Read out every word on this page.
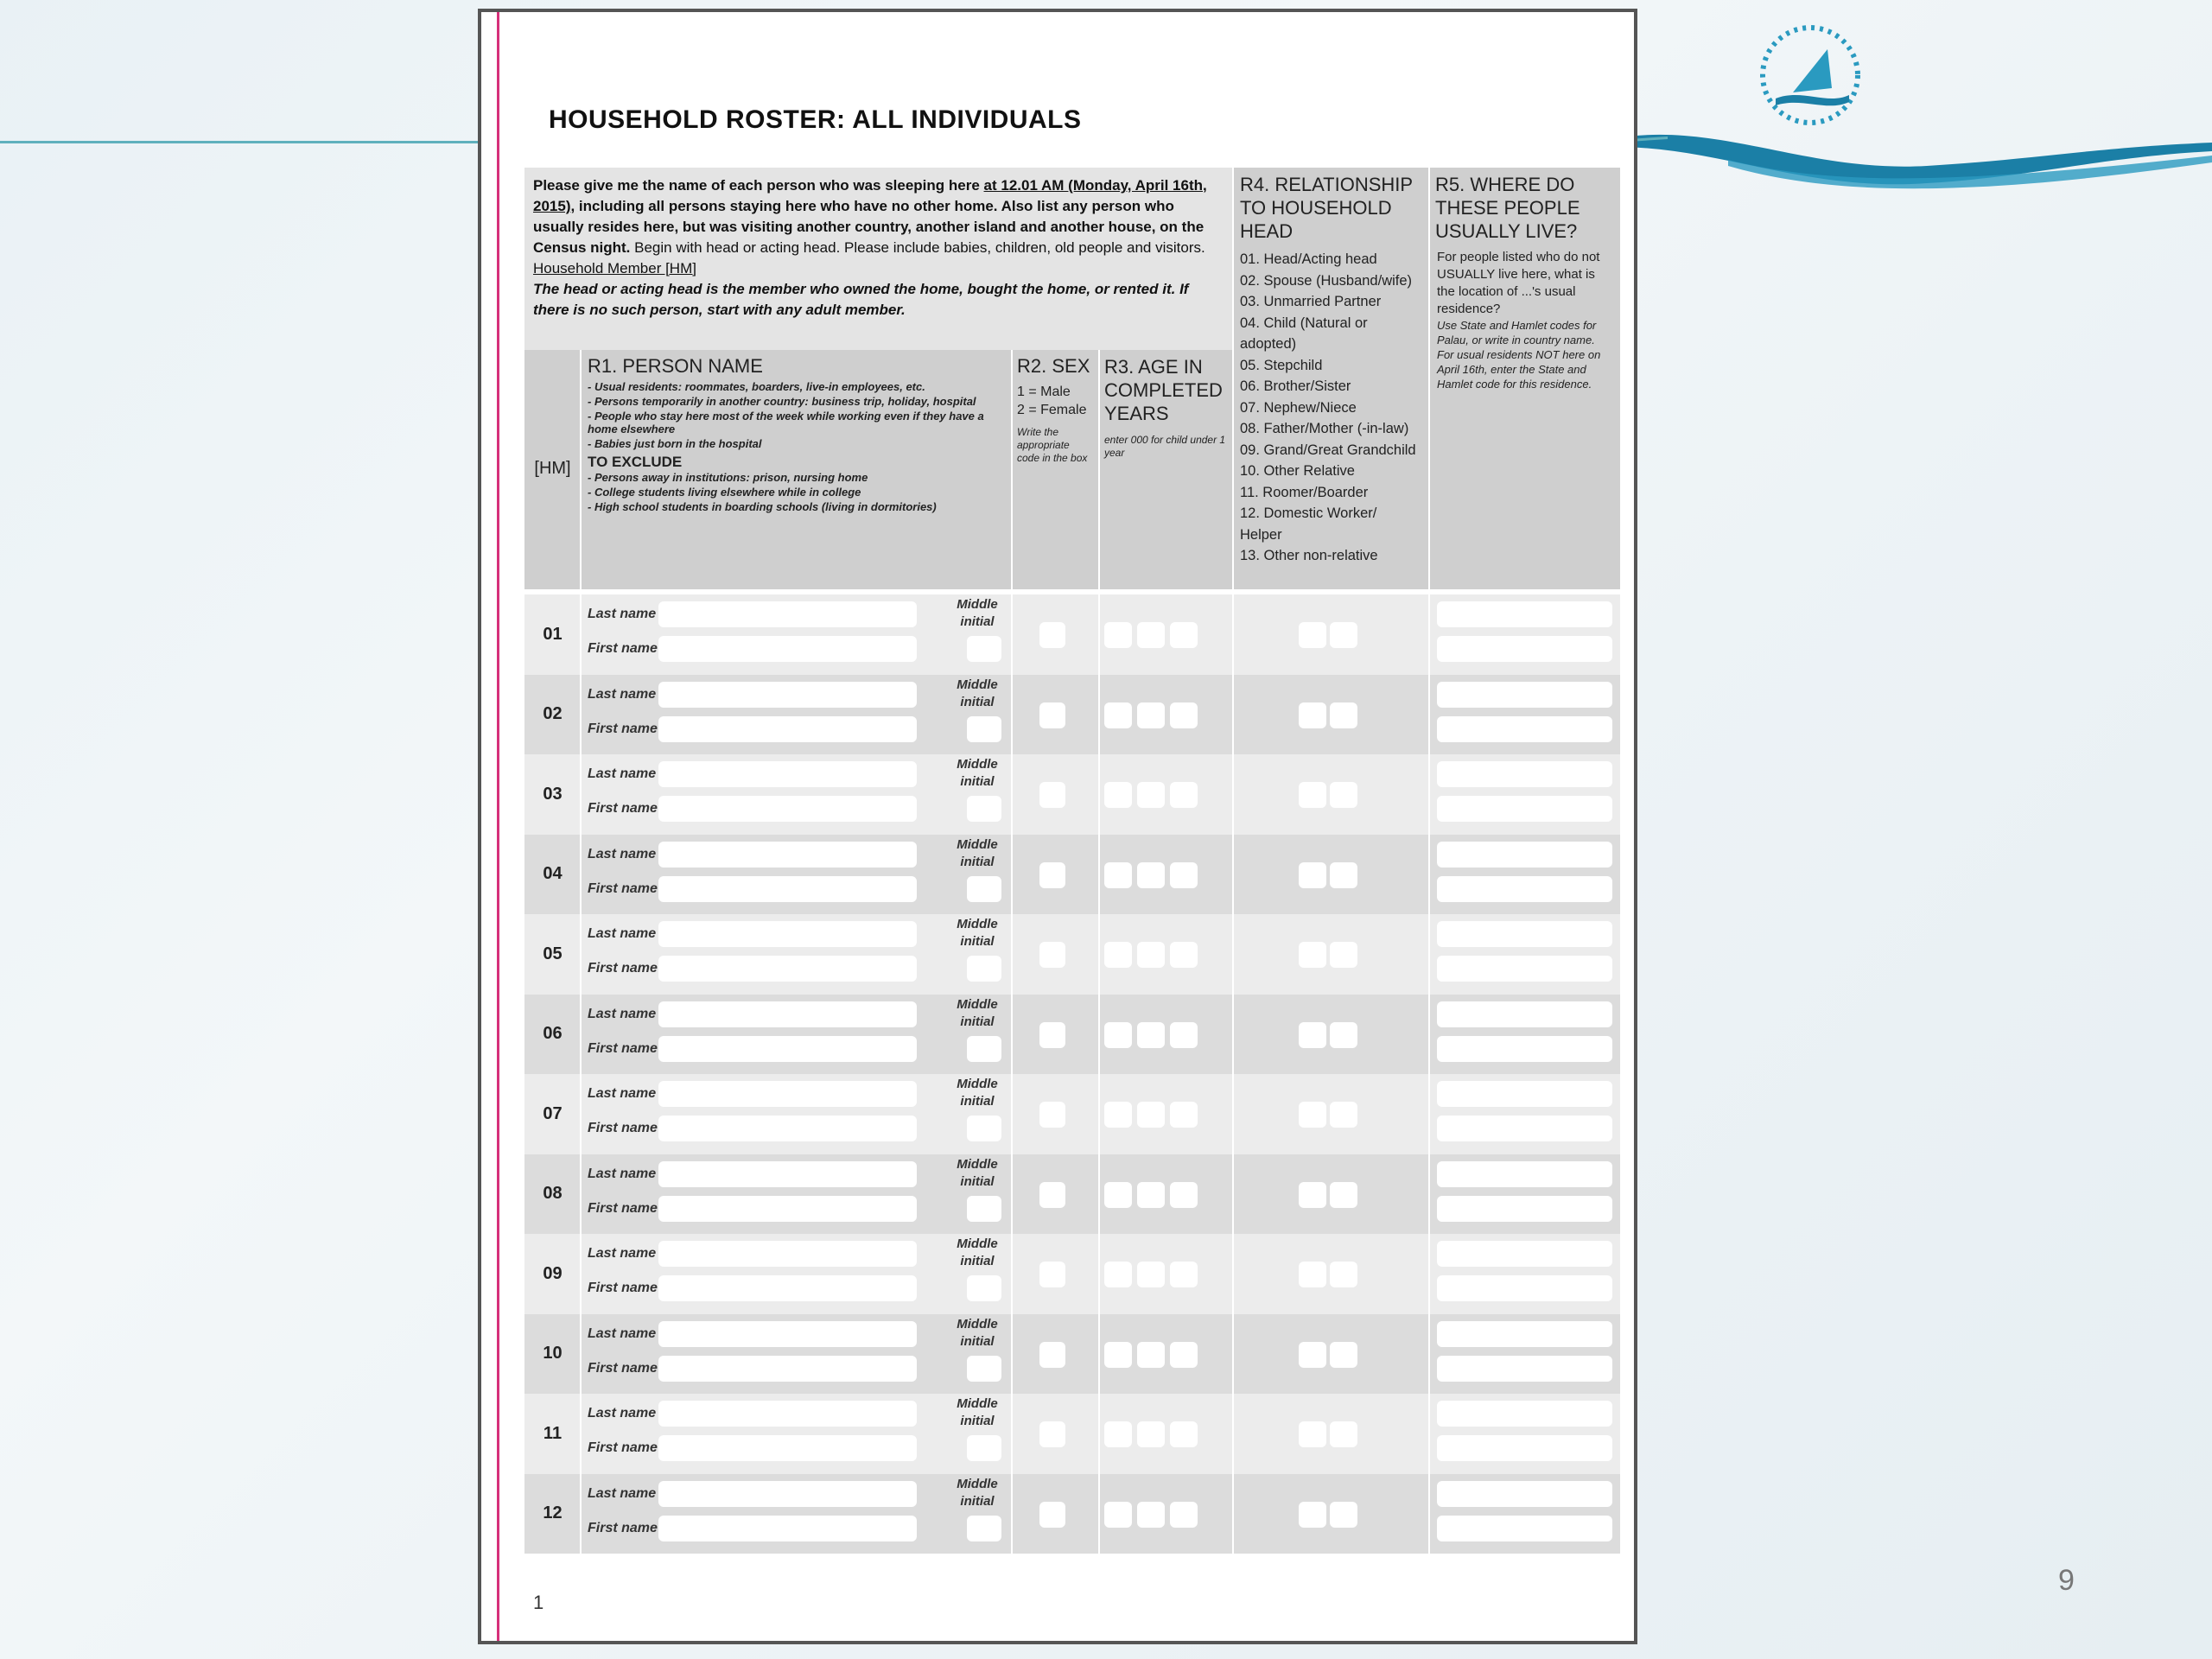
9
HOUSEHOLD ROSTER: ALL INDIVIDUALS
Please give me the name of each person who was sleeping here at 12.01 AM (Monday, April 16th, 2015), including all persons staying here who have no other home. Also list any person who usually resides here, but was visiting another country, another island and another house, on the Census night. Begin with head or acting head. Please include babies, children, old people and visitors.
Household Member [HM]
The head or acting head is the member who owned the home, bought the home, or rented it. If there is no such person, start with any adult member.
R4. RELATIONSHIP TO HOUSEHOLD HEAD
R5. WHERE DO THESE PEOPLE USUALLY LIVE?
01. Head/Acting head
02. Spouse (Husband/wife)
03. Unmarried Partner
04. Child (Natural or adopted)
05. Stepchild
06. Brother/Sister
07. Nephew/Niece
08. Father/Mother (-in-law)
09. Grand/Great Grandchild
10. Other Relative
11. Roomer/Boarder
12. Domestic Worker/ Helper
13. Other non-relative
For people listed who do not USUALLY live here, what is the location of ...'s usual residence?
Use State and Hamlet codes for Palau, or write in country name.
For usual residents NOT here on April 16th, enter the State and Hamlet code for this residence.
[HM]
R1. PERSON NAME
- Usual residents: roommates, boarders, live-in employees, etc.
- Persons temporarily in another country: business trip, holiday, hospital
- People who stay here most of the week while working even if they have a home elsewhere
- Babies just born in the hospital
TO EXCLUDE
- Persons away in institutions: prison, nursing home
- College students living elsewhere while in college
- High school students in boarding schools (living in dormitories)
R2. SEX
1 = Male
2 = Female
Write the appropriate code in the box
R3. AGE IN COMPLETED YEARS
enter 000 for child under 1 year
01
Last name
First name
Middle initial
02
Last name
First name
Middle initial
03
Last name
First name
Middle initial
04
Last name
First name
Middle initial
05
Last name
First name
Middle initial
06
Last name
First name
Middle initial
07
Last name
First name
Middle initial
08
Last name
First name
Middle initial
09
Last name
First name
Middle initial
10
Last name
First name
Middle initial
11
Last name
First name
Middle initial
12
Last name
First name
Middle initial
1
